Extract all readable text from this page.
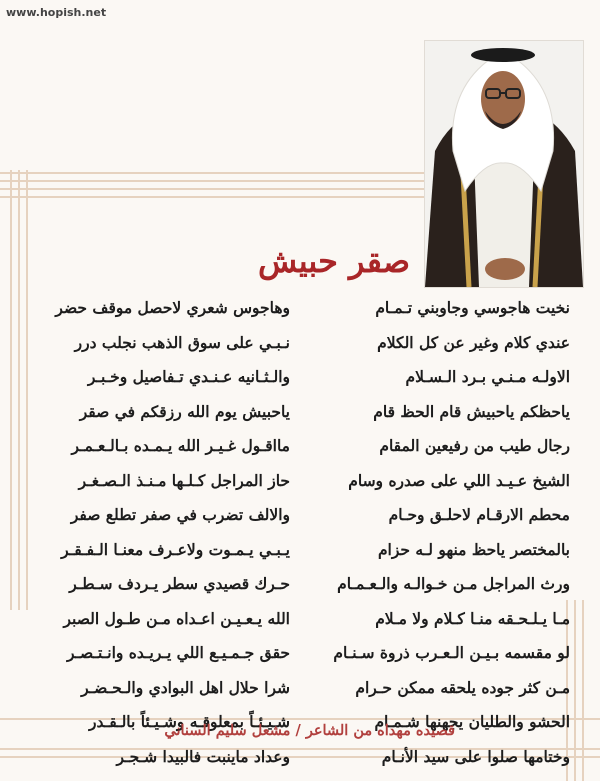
www.hopish.net
صقر حبيش
نخيت هاجوسي وجاوبني تـمـام
وهاجوس شعري لاحصل موقف حضر
عندي كلام وغير عن كل الكلام
نـبـي على سوق الذهب نجلب درر
الاولـه مـنـي بـرد الـسـلام
والـثـانيه عـنـدي تـفاصيل وخـبـر
ياحظكم ياحبيش قام الحظ قام
ياحبيش يوم الله رزقكم في صقر
رجال طيب من رفيعين المقام
مااقـول غـيـر الله يـمـده بـالـعـمـر
الشيخ عـيـد اللي على صدره وسام
حاز المراجل كـلـها مـنـذ الـصـغـر
محطم الارقـام لاحلـق وحـام
والالف تضرب في صفر تطلع صفر
بالمختصر ياحظ منهو لـه حزام
يـبـي يـمـوت ولاعـرف معنـا الـفـقـر
ورث المراجل مـن خـوالـه والـعـمـام
حـرك قصيدي سطر يـردف سـطـر
مـا يـلـحـقه منـا كـلام ولا مـلام
الله يـعـيـن اعـداه مـن طـول الصبر
لو مقسمه بـيـن الـعـرب ذروة سـنـام
حقق جـمـيـع اللي يـريـده وانـتـصـر
مـن كثر جوده يلحقه ممكن حـرام
شرا حلال اهل البوادي والـحـضـر
الحشو والطليان يجهنها شـمـام
شـيـئـاً بمعلوقـه وشـيـئاً بالـقـدر
وختامها صلوا على سيد الأنـام
وعداد ماينبت فالبيدا شـجـر
قصيده مهداه من الشاعر / مشعل سليم السناني
